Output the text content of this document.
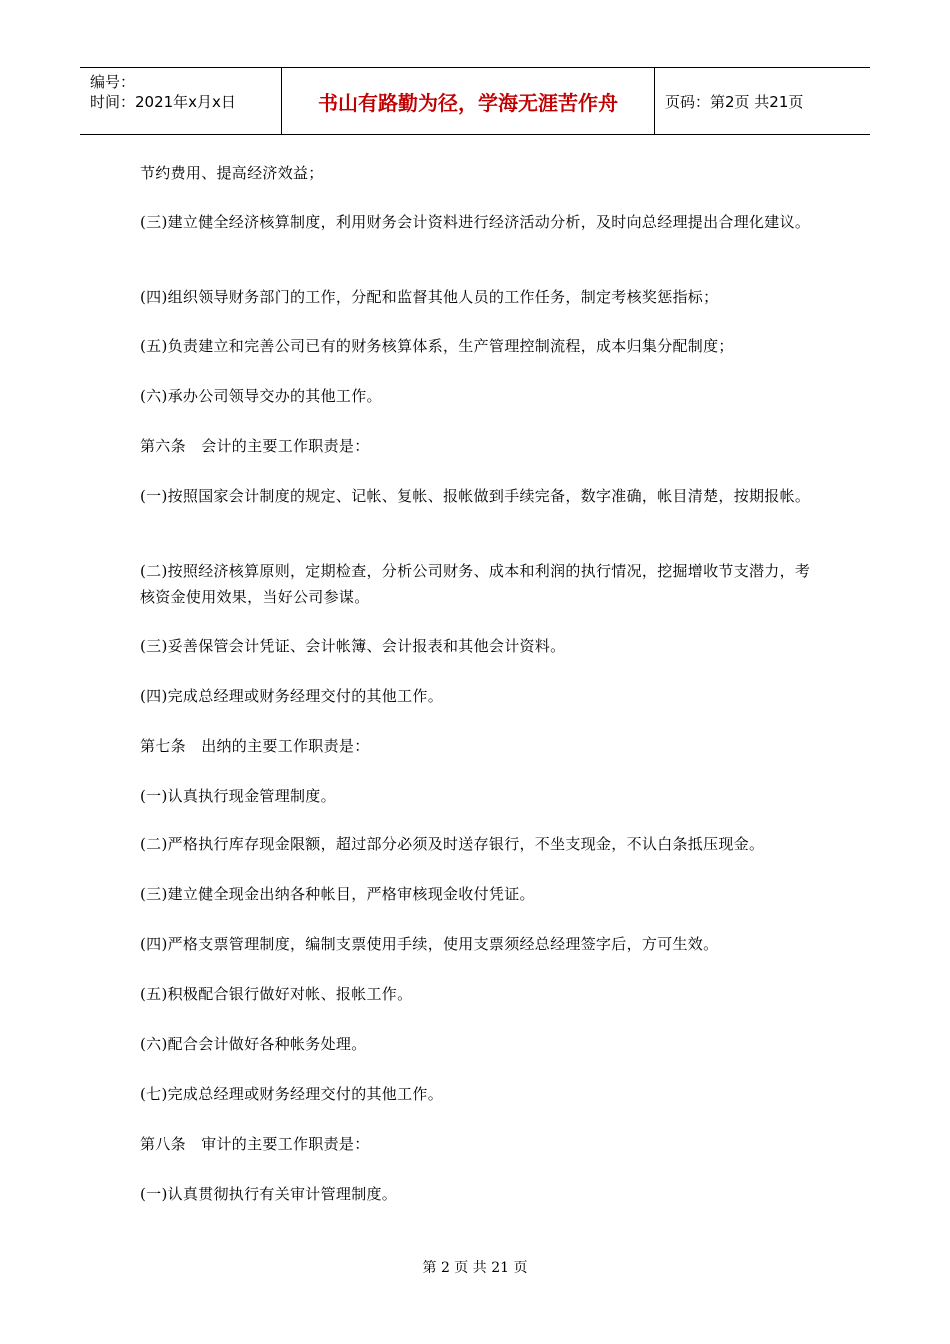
编号：
时间：2021年x月x日	书山有路勤为径，学海无涯苦作舟	页码：第2页 共21页
节约费用、提高经济效益；
(三)建立健全经济核算制度，利用财务会计资料进行经济活动分析，及时向总经理提出合理化建议。
(四)组织领导财务部门的工作，分配和监督其他人员的工作任务，制定考核奖惩指标；
(五)负责建立和完善公司已有的财务核算体系，生产管理控制流程，成本归集分配制度；
(六)承办公司领导交办的其他工作。
第六条　会计的主要工作职责是：
(一)按照国家会计制度的规定、记帐、复帐、报帐做到手续完备，数字准确，帐目清楚，按期报帐。
(二)按照经济核算原则，定期检查，分析公司财务、成本和利润的执行情况，挖掘增收节支潜力，考核资金使用效果，当好公司参谋。
(三)妥善保管会计凭证、会计帐簿、会计报表和其他会计资料。
(四)完成总经理或财务经理交付的其他工作。
第七条　出纳的主要工作职责是：
(一)认真执行现金管理制度。
(二)严格执行库存现金限额，超过部分必须及时送存银行，不坐支现金，不认白条抵压现金。
(三)建立健全现金出纳各种帐目，严格审核现金收付凭证。
(四)严格支票管理制度，编制支票使用手续，使用支票须经总经理签字后，方可生效。
(五)积极配合银行做好对帐、报帐工作。
(六)配合会计做好各种帐务处理。
(七)完成总经理或财务经理交付的其他工作。
第八条　审计的主要工作职责是：
(一)认真贯彻执行有关审计管理制度。
第 2 页 共 21 页
